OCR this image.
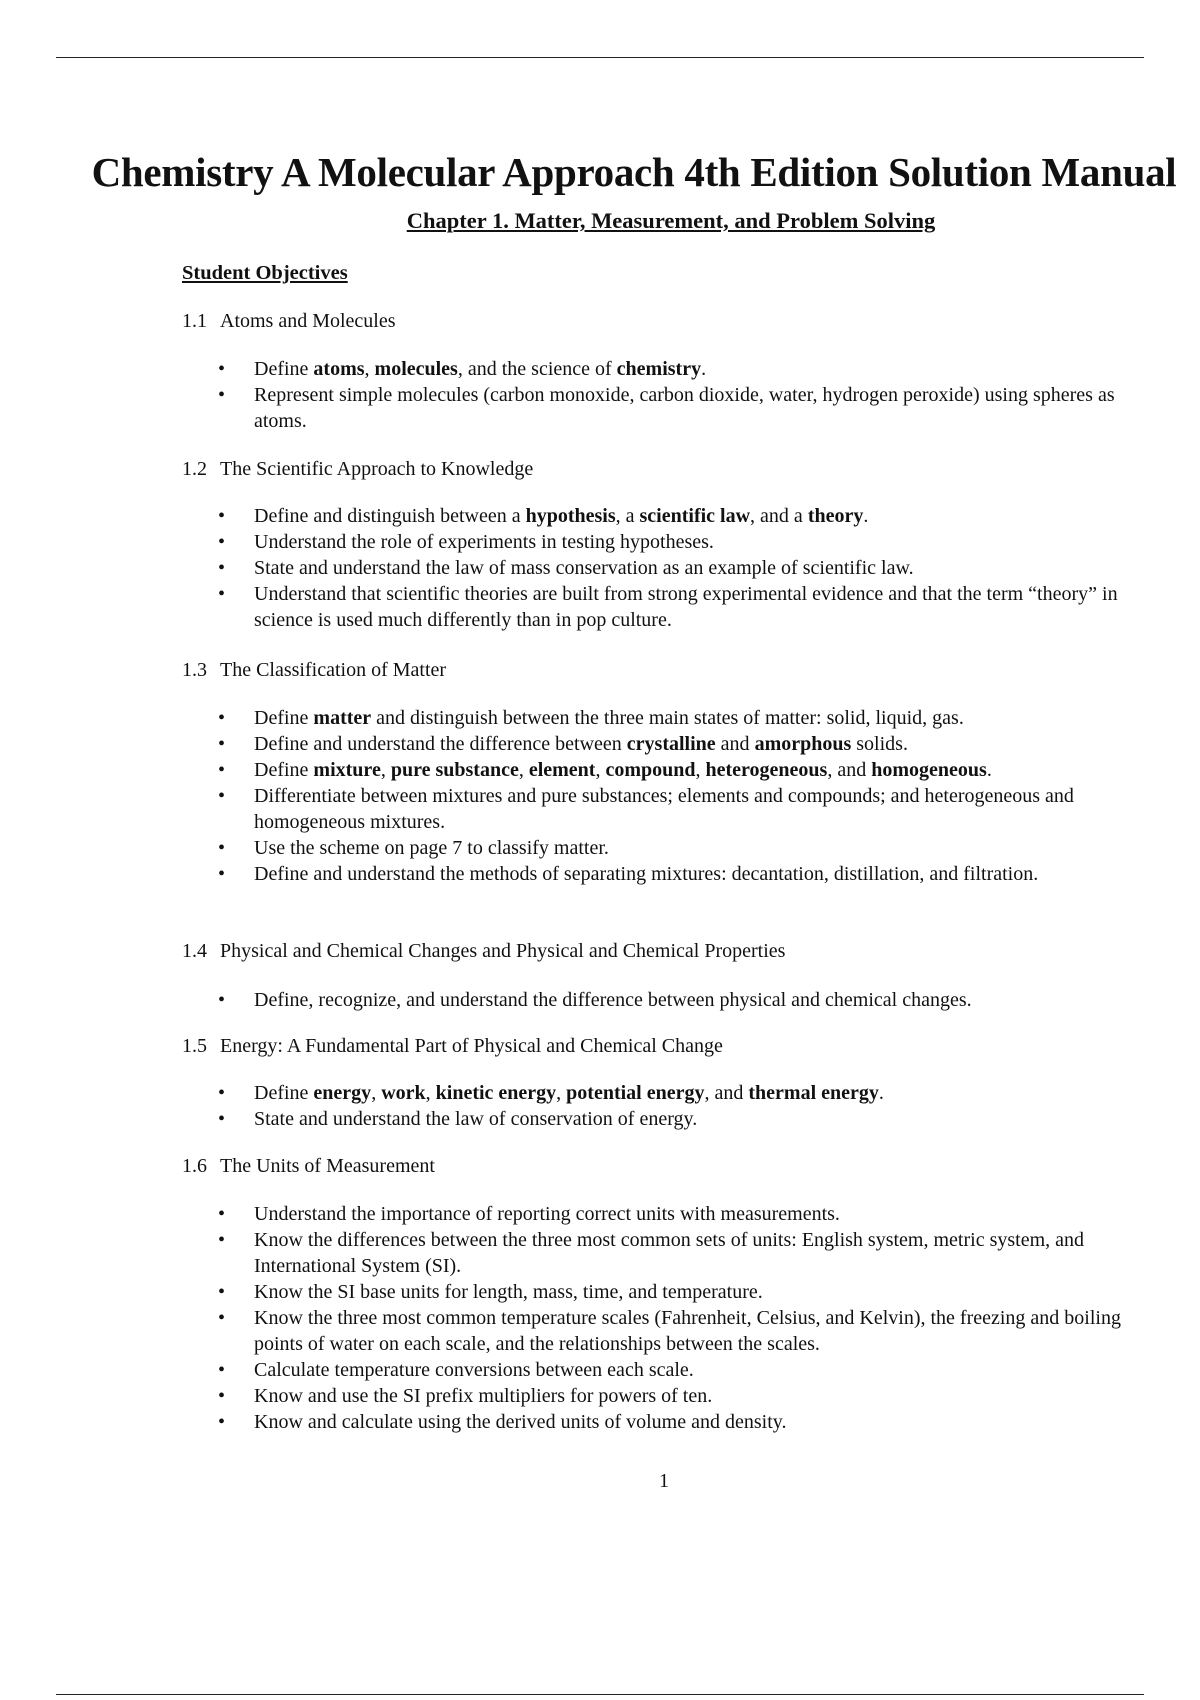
Chemistry A Molecular Approach 4th Edition Solution Manual
Chapter 1. Matter, Measurement, and Problem Solving
Student Objectives
1.1 Atoms and Molecules
• Define atoms, molecules, and the science of chemistry.
• Represent simple molecules (carbon monoxide, carbon dioxide, water, hydrogen peroxide) using spheres as atoms.
1.2 The Scientific Approach to Knowledge
• Define and distinguish between a hypothesis, a scientific law, and a theory.
• Understand the role of experiments in testing hypotheses.
• State and understand the law of mass conservation as an example of scientific law.
• Understand that scientific theories are built from strong experimental evidence and that the term “theory” in science is used much differently than in pop culture.
1.3 The Classification of Matter
• Define matter and distinguish between the three main states of matter: solid, liquid, gas.
• Define and understand the difference between crystalline and amorphous solids.
• Define mixture, pure substance, element, compound, heterogeneous, and homogeneous.
• Differentiate between mixtures and pure substances; elements and compounds; and heterogeneous and homogeneous mixtures.
• Use the scheme on page 7 to classify matter.
• Define and understand the methods of separating mixtures: decantation, distillation, and filtration.
1.4 Physical and Chemical Changes and Physical and Chemical Properties
• Define, recognize, and understand the difference between physical and chemical changes.
1.5 Energy: A Fundamental Part of Physical and Chemical Change
• Define energy, work, kinetic energy, potential energy, and thermal energy.
• State and understand the law of conservation of energy.
1.6 The Units of Measurement
• Understand the importance of reporting correct units with measurements.
• Know the differences between the three most common sets of units: English system, metric system, and International System (SI).
• Know the SI base units for length, mass, time, and temperature.
• Know the three most common temperature scales (Fahrenheit, Celsius, and Kelvin), the freezing and boiling points of water on each scale, and the relationships between the scales.
• Calculate temperature conversions between each scale.
• Know and use the SI prefix multipliers for powers of ten.
• Know and calculate using the derived units of volume and density.
1
